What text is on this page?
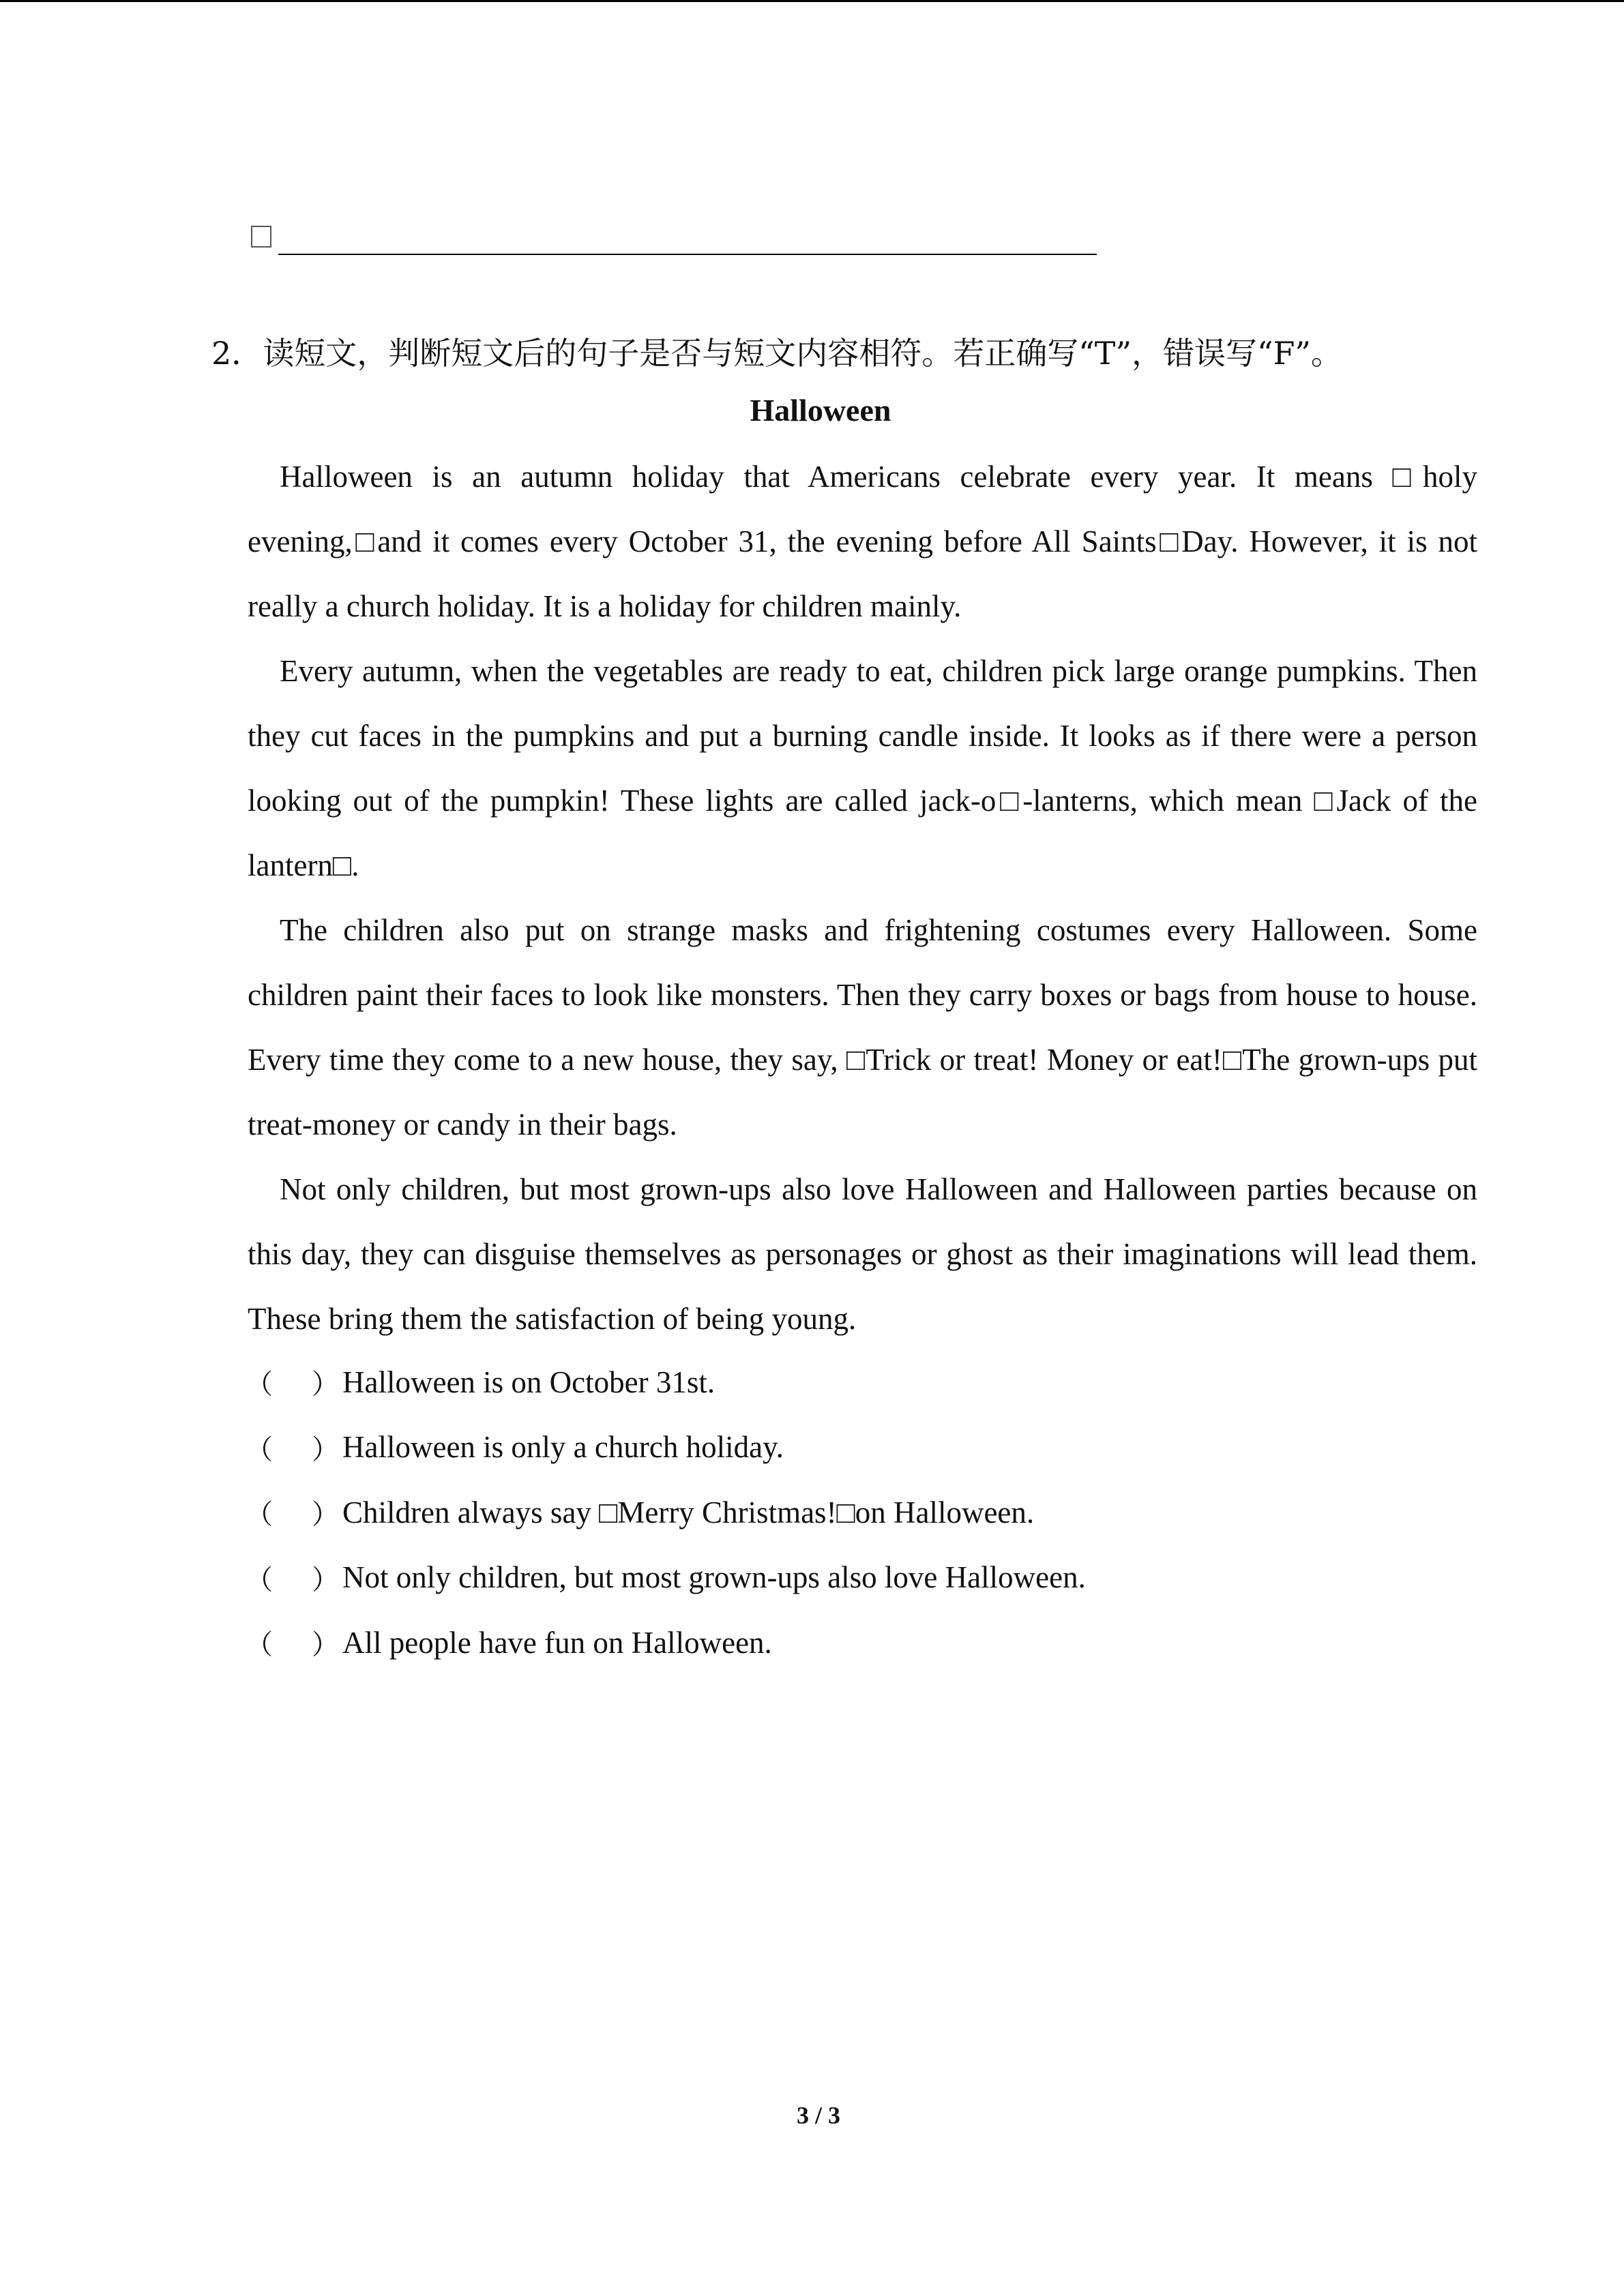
2．读短文，判断短文后的句子是否与短文内容相符。若正确写“T”，错误写“F”。
Halloween

Halloween is an autumn holiday that Americans celebrate every year. It means □holy evening,□and it comes every October 31, the evening before All Saints□Day. However, it is not really a church holiday. It is a holiday for children mainly.

Every autumn, when the vegetables are ready to eat, children pick large orange pumpkins. Then they cut faces in the pumpkins and put a burning candle inside. It looks as if there were a person looking out of the pumpkin! These lights are called jack-o□-lanterns, which mean □Jack of the lantern□.

The children also put on strange masks and frightening costumes every Halloween. Some children paint their faces to look like monsters. Then they carry boxes or bags from house to house. Every time they come to a new house, they say, □Trick or treat! Money or eat!□The grown-ups put treat-money or candy in their bags.

Not only children, but most grown-ups also love Halloween and Halloween parties because on this day, they can disguise themselves as personages or ghost as their imaginations will lead them. These bring them the satisfaction of being young.

（	） Halloween is on October 31st.
（	） Halloween is only a church holiday.
（	） Children always say □Merry Christmas!□on Halloween.
（	） Not only children, but most grown-ups also love Halloween.
（	） All people have fun on Halloween.
3 / 3
